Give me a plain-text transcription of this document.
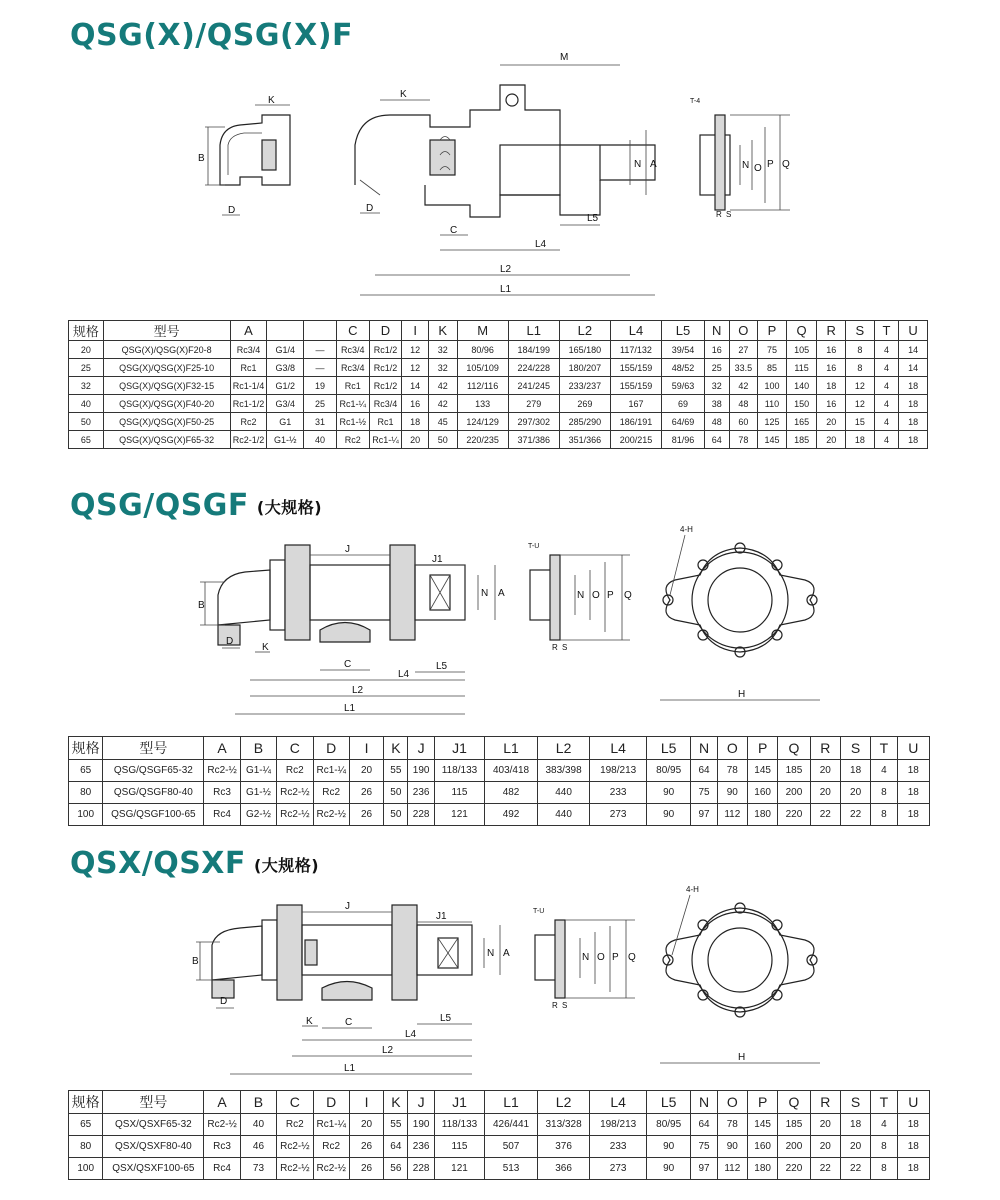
QSG(X)/QSG(X)F
B
K
D
L1
L2
L4
L5
C
M
K
D
N A	N O P Q
T-4
R S
规格	型号	A			C	D	I	K	M	L1	L2	L4	L5	N	O	P	Q	R	S	T	U
20	QSG(X)/QSG(X)F20-8	Rc3/4	G1/4	—	Rc3/4	Rc1/2	12	32	80/96	184/199	165/180	117/132	39/54	16	27	75	105	16	8	4	14
25	QSG(X)/QSG(X)F25-10	Rc1	G3/8	—	Rc3/4	Rc1/2	12	32	105/109	224/228	180/207	155/159	48/52	25	33.5	85	115	16	8	4	14
32	QSG(X)/QSG(X)F32-15	Rc1-1/4	G1/2	19	Rc1	Rc1/2	14	42	112/116	241/245	233/237	155/159	59/63	32	42	100	140	18	12	4	18
40	QSG(X)/QSG(X)F40-20	Rc1-1/2	G3/4	25	Rc1-¼	Rc3/4	16	42	133	279	269	167	69	38	48	110	150	16	12	4	18
50	QSG(X)/QSG(X)F50-25	Rc2	G1	31	Rc1-½	Rc1	18	45	124/129	297/302	285/290	186/191	64/69	48	60	125	165	20	15	4	18
65	QSG(X)/QSG(X)F65-32	Rc2-1/2	G1-½	40	Rc2	Rc1-¼	20	50	220/235	371/386	351/366	200/215	81/96	64	78	145	185	20	18	4	18
QSG/QSGF (大规格)
B
J
J1
D
K
C	L5
L4
L2
L1
N A	N O P Q
T-U
R S
H
4-H
规格	型号	A	B	C	D	I	K	J	J1	L1	L2	L4	L5	N	O	P	Q	R	S	T	U
65	QSG/QSGF65-32	Rc2-½	G1-¼	Rc2	Rc1-¼	20	55	190	118/133	403/418	383/398	198/213	80/95	64	78	145	185	20	18	4	18
80	QSG/QSGF80-40	Rc3	G1-½	Rc2-½	Rc2	26	50	236	115	482	440	233	90	75	90	160	200	20	20	8	18
100	QSG/QSGF100-65	Rc4	G2-½	Rc2-½	Rc2-½	26	50	228	121	492	440	273	90	97	112	180	220	22	22	8	18
QSX/QSXF (大规格)
B
J
J1
D
K	C	L5
L4
L2
L1
N A	N O P Q
T-U
R S
H
4-H
规格	型号	A	B	C	D	I	K	J	J1	L1	L2	L4	L5	N	O	P	Q	R	S	T	U
65	QSX/QSXF65-32	Rc2-½	40	Rc2	Rc1-¼	20	55	190	118/133	426/441	313/328	198/213	80/95	64	78	145	185	20	18	4	18
80	QSX/QSXF80-40	Rc3	46	Rc2-½	Rc2	26	64	236	115	507	376	233	90	75	90	160	200	20	20	8	18
100	QSX/QSXF100-65	Rc4	73	Rc2-½	Rc2-½	26	56	228	121	513	366	273	90	97	112	180	220	22	22	8	18
